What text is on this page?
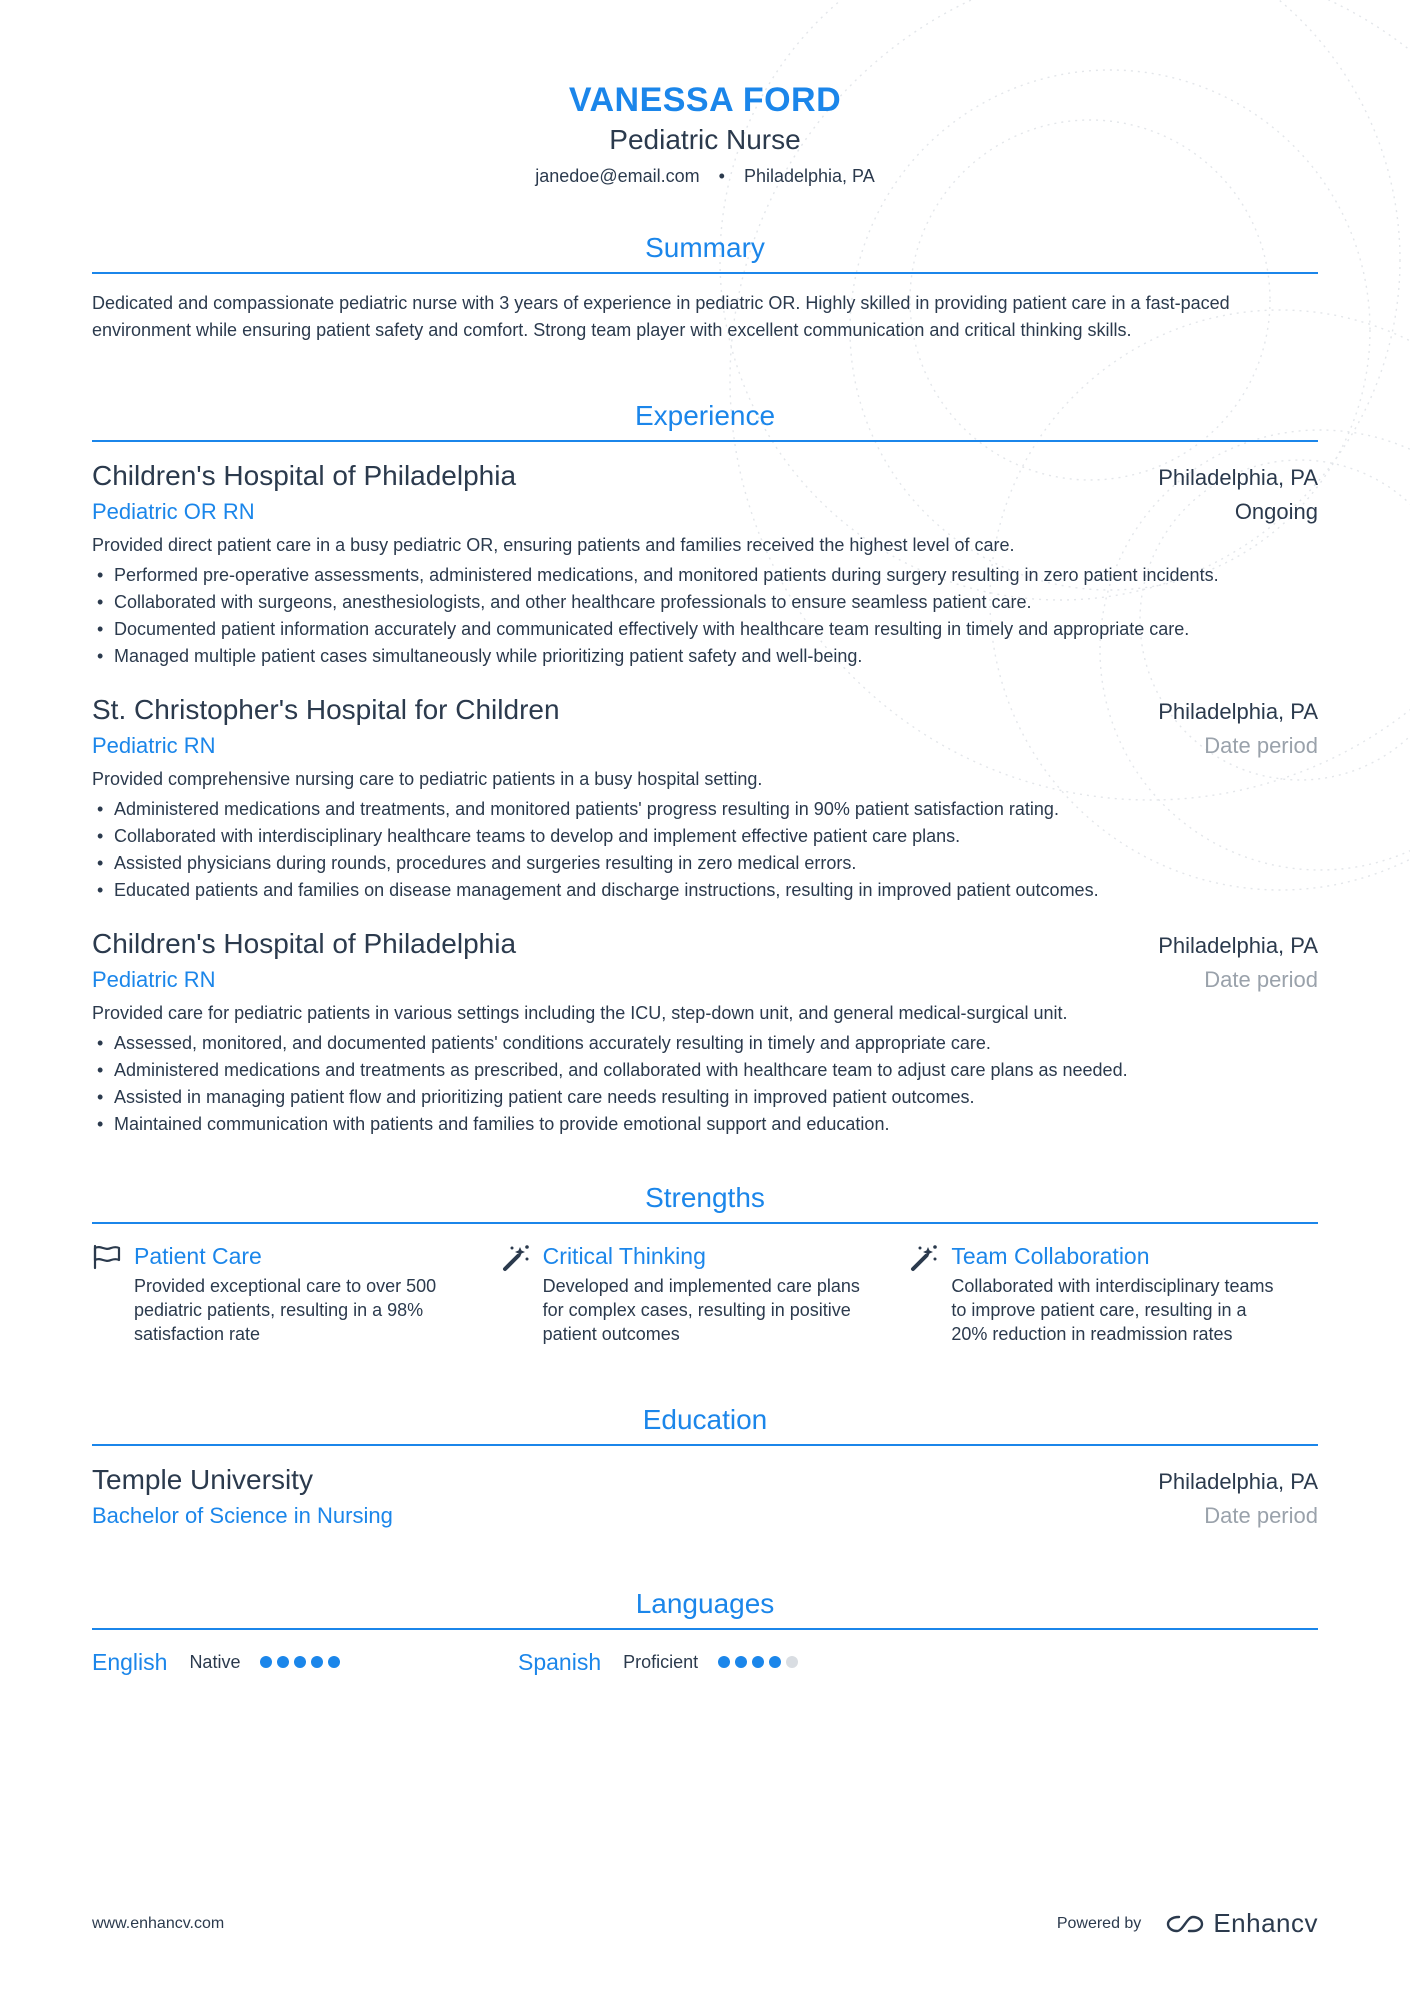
VANESSA FORD
Pediatric Nurse
janedoe@email.com • Philadelphia, PA
Summary

Dedicated and compassionate pediatric nurse with 3 years of experience in pediatric OR. Highly skilled in providing patient care in a fast-paced environment while ensuring patient safety and comfort. Strong team player with excellent communication and critical thinking skills.

Experience
Children's Hospital of Philadelphia	Philadelphia, PA
Pediatric OR RN	Ongoing
Provided direct patient care in a busy pediatric OR, ensuring patients and families received the highest level of care.
• Performed pre-operative assessments, administered medications, and monitored patients during surgery resulting in zero patient incidents.
• Collaborated with surgeons, anesthesiologists, and other healthcare professionals to ensure seamless patient care.
• Documented patient information accurately and communicated effectively with healthcare team resulting in timely and appropriate care.
• Managed multiple patient cases simultaneously while prioritizing patient safety and well-being.
St. Christopher's Hospital for Children	Philadelphia, PA
Pediatric RN	Date period
Provided comprehensive nursing care to pediatric patients in a busy hospital setting.
• Administered medications and treatments, and monitored patients' progress resulting in 90% patient satisfaction rating.
• Collaborated with interdisciplinary healthcare teams to develop and implement effective patient care plans.
• Assisted physicians during rounds, procedures and surgeries resulting in zero medical errors.
• Educated patients and families on disease management and discharge instructions, resulting in improved patient outcomes.
Children's Hospital of Philadelphia	Philadelphia, PA
Pediatric RN	Date period
Provided care for pediatric patients in various settings including the ICU, step-down unit, and general medical-surgical unit.
• Assessed, monitored, and documented patients' conditions accurately resulting in timely and appropriate care.
• Administered medications and treatments as prescribed, and collaborated with healthcare team to adjust care plans as needed.
• Assisted in managing patient flow and prioritizing patient care needs resulting in improved patient outcomes.
• Maintained communication with patients and families to provide emotional support and education.
Strengths
Patient Care
Provided exceptional care to over 500 pediatric patients, resulting in a 98% satisfaction rate
Critical Thinking
Developed and implemented care plans for complex cases, resulting in positive patient outcomes
Team Collaboration
Collaborated with interdisciplinary teams to improve patient care, resulting in a 20% reduction in readmission rates
Education
Temple University	Philadelphia, PA
Bachelor of Science in Nursing	Date period
Languages
English Native	Spanish Proficient
www.enhancv.com	Powered by	Enhancv
